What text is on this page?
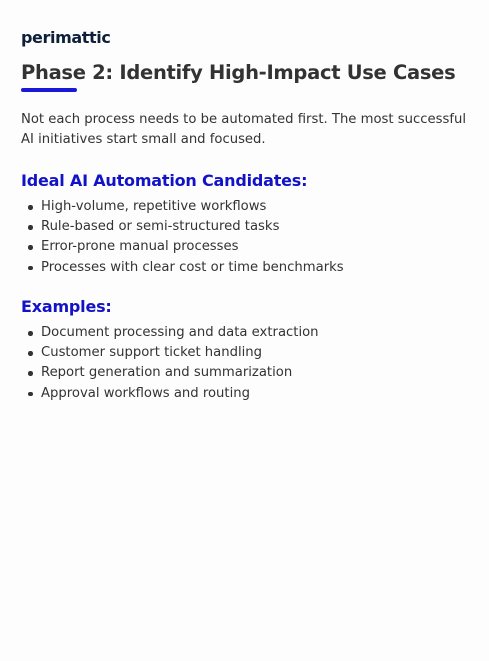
perimattic
Phase 2: Identify High-Impact Use Cases

Not each process needs to be automated first. The most successful AI initiatives start small and focused.

Ideal AI Automation Candidates:
High-volume, repetitive workflows
Rule-based or semi-structured tasks
Error-prone manual processes
Processes with clear cost or time benchmarks
Examples:
Document processing and data extraction
Customer support ticket handling
Report generation and summarization
Approval workflows and routing
